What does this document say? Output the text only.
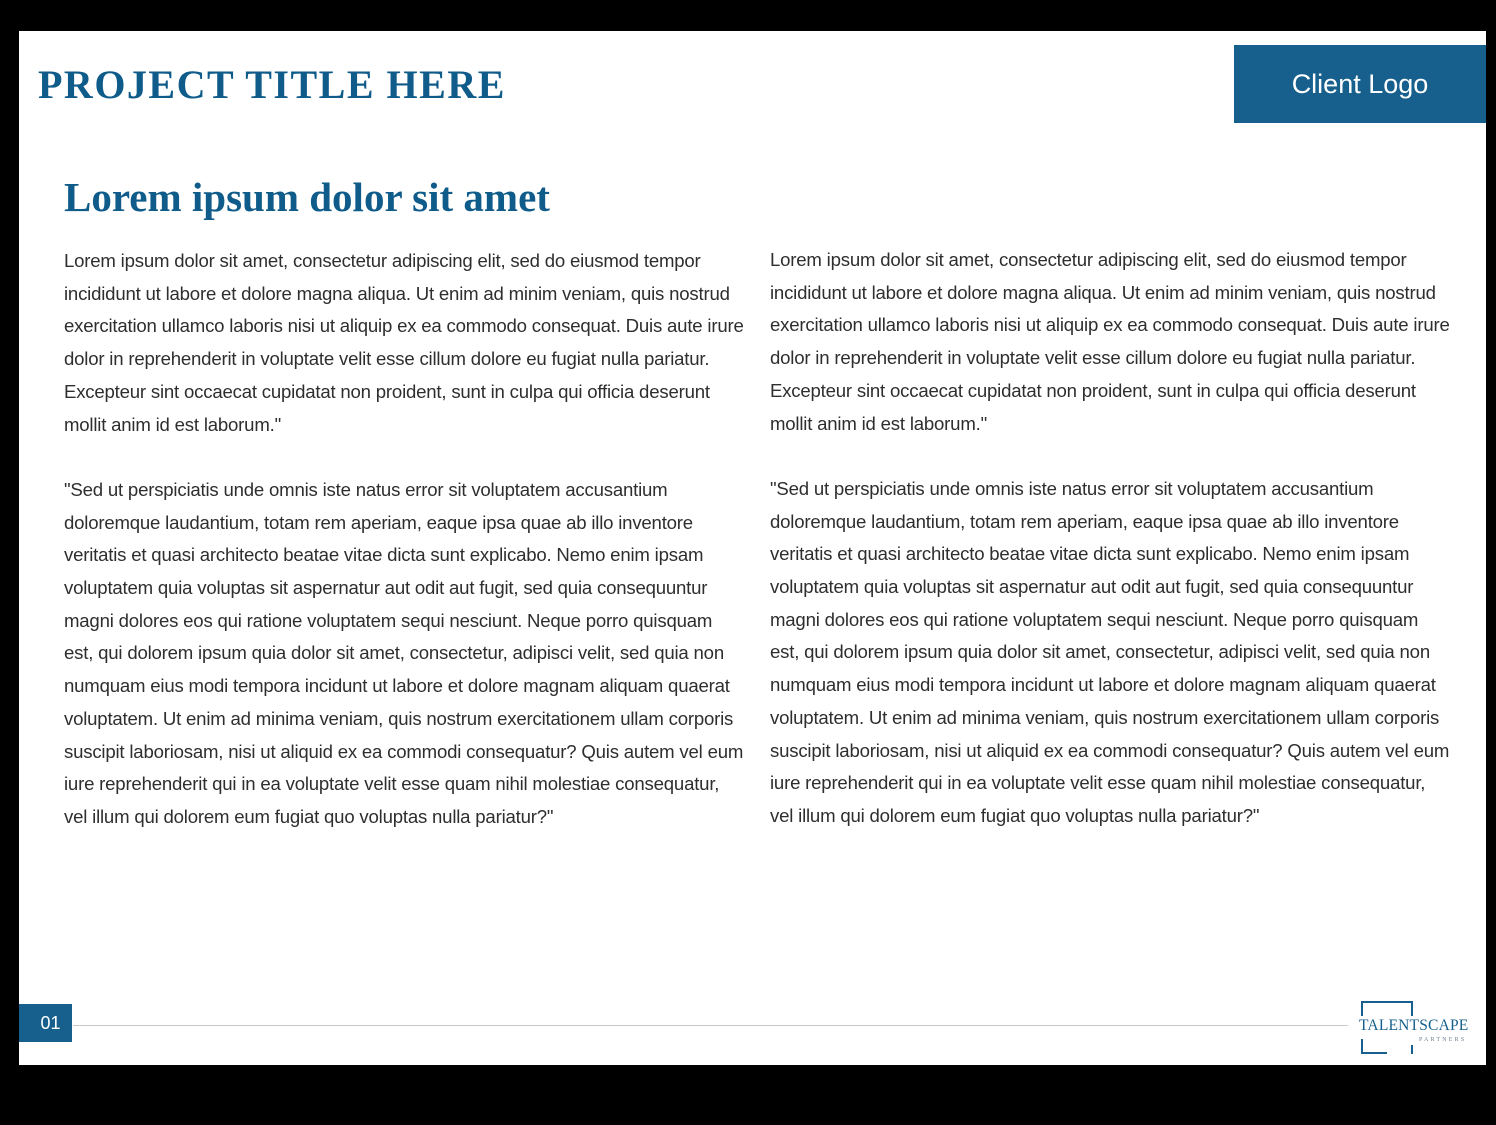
PROJECT TITLE HERE	Client Logo
Lorem ipsum dolor sit amet

Lorem ipsum dolor sit amet, consectetur adipiscing elit, sed do eiusmod tempor incididunt ut labore et dolore magna aliqua. Ut enim ad minim veniam, quis nostrud exercitation ullamco laboris nisi ut aliquip ex ea commodo consequat. Duis aute irure dolor in reprehenderit in voluptate velit esse cillum dolore eu fugiat nulla pariatur. Excepteur sint occaecat cupidatat non proident, sunt in culpa qui officia deserunt mollit anim id est laborum."

"Sed ut perspiciatis unde omnis iste natus error sit voluptatem accusantium doloremque laudantium, totam rem aperiam, eaque ipsa quae ab illo inventore veritatis et quasi architecto beatae vitae dicta sunt explicabo. Nemo enim ipsam voluptatem quia voluptas sit aspernatur aut odit aut fugit, sed quia consequuntur magni dolores eos qui ratione voluptatem sequi nesciunt. Neque porro quisquam est, qui dolorem ipsum quia dolor sit amet, consectetur, adipisci velit, sed quia non numquam eius modi tempora incidunt ut labore et dolore magnam aliquam quaerat voluptatem. Ut enim ad minima veniam, quis nostrum exercitationem ullam corporis suscipit laboriosam, nisi ut aliquid ex ea commodi consequatur? Quis autem vel eum iure reprehenderit qui in ea voluptate velit esse quam nihil molestiae consequatur, vel illum qui dolorem eum fugiat quo voluptas nulla pariatur?"

Lorem ipsum dolor sit amet, consectetur adipiscing elit, sed do eiusmod tempor incididunt ut labore et dolore magna aliqua. Ut enim ad minim veniam, quis nostrud exercitation ullamco laboris nisi ut aliquip ex ea commodo consequat. Duis aute irure dolor in reprehenderit in voluptate velit esse cillum dolore eu fugiat nulla pariatur. Excepteur sint occaecat cupidatat non proident, sunt in culpa qui officia deserunt mollit anim id est laborum."

"Sed ut perspiciatis unde omnis iste natus error sit voluptatem accusantium doloremque laudantium, totam rem aperiam, eaque ipsa quae ab illo inventore veritatis et quasi architecto beatae vitae dicta sunt explicabo. Nemo enim ipsam voluptatem quia voluptas sit aspernatur aut odit aut fugit, sed quia consequuntur magni dolores eos qui ratione voluptatem sequi nesciunt. Neque porro quisquam est, qui dolorem ipsum quia dolor sit amet, consectetur, adipisci velit, sed quia non numquam eius modi tempora incidunt ut labore et dolore magnam aliquam quaerat voluptatem. Ut enim ad minima veniam, quis nostrum exercitationem ullam corporis suscipit laboriosam, nisi ut aliquid ex ea commodi consequatur? Quis autem vel eum iure reprehenderit qui in ea voluptate velit esse quam nihil molestiae consequatur, vel illum qui dolorem eum fugiat quo voluptas nulla pariatur?"

01	TALENTSCAPE
PARTNERS
